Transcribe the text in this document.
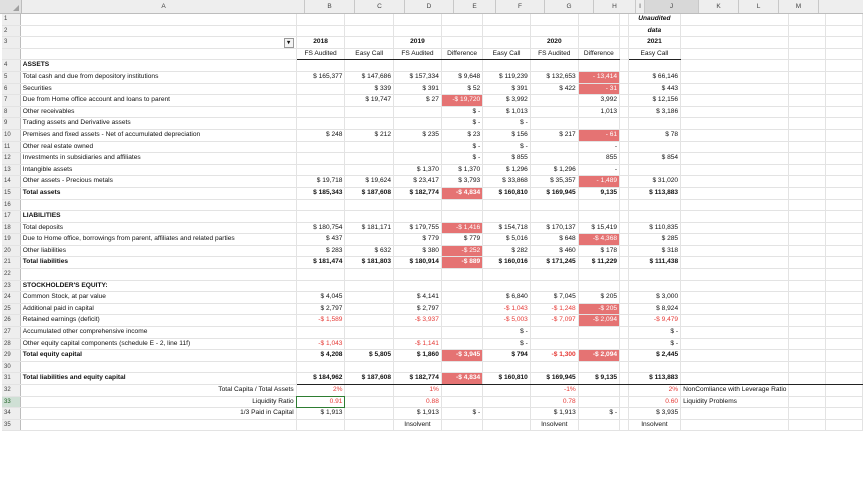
A	B	C	D	E	F	G	H	I	J	K	L	M
1										Unaudited			
2										data			
3	▾	2018		2019			2020			2021			
		FS Audited	Easy Call	FS Audited	Difference	Easy Call	FS Audited	Difference		Easy Call			
4	ASSETS												
5	Total cash and due from depository institutions	$ 165,377	$ 147,686	$ 157,334	$ 9,648	$ 119,239	$ 132,653	- 13,414		$ 66,146			
6	Securities		$ 339	$ 391	$ 52	$ 391	$ 422	- 31		$ 443			
7	Due from Home office account and loans to parent		$ 19,747	$ 27	-$ 19,720	$ 3,992		3,992		$ 12,156			
8	Other receivables				$ -	$ 1,013		1,013		$ 3,186			
9	Trading assets and Derivative assets				$ -	$ -							
10	Premises and fixed assets - Net of accumulated depreciation	$ 248	$ 212	$ 235	$ 23	$ 156	$ 217	- 61		$ 78			
11	Other real estate owned				$ -	$ -		-					
12	Investments in subsidiaries and affiliates				$ -	$ 855		855		$ 854			
13	Intangible assets			$ 1,370	$ 1,370	$ 1,296	$ 1,296	-					
14	Other assets - Precious metals	$ 19,718	$ 19,624	$ 23,417	$ 3,793	$ 33,868	$ 35,357	- 1,489		$ 31,020			
15	Total assets	$ 185,343	$ 187,608	$ 182,774	-$ 4,834	$ 160,810	$ 169,945	9,135		$ 113,883			
16													
17	LIABILITIES												
18	Total deposits	$ 180,754	$ 181,171	$ 179,755	-$ 1,416	$ 154,718	$ 170,137	$ 15,419		$ 110,835			
19	Due to Home office, borrowings from parent, affiliates and related parties	$ 437		$ 779	$ 779	$ 5,016	$ 648	-$ 4,368		$ 285			
20	Other liabilities	$ 283	$ 632	$ 380	-$ 252	$ 282	$ 460	$ 178		$ 318			
21	Total liabilities	$ 181,474	$ 181,803	$ 180,914	-$ 889	$ 160,016	$ 171,245	$ 11,229		$ 111,438			
22													
23	STOCKHOLDER'S EQUITY:												
24	Common Stock, at par value	$ 4,045		$ 4,141		$ 6,840	$ 7,045	$ 205		$ 3,000			
25	Additional paid in capital	$ 2,797		$ 2,797		-$ 1,043	-$ 1,248	-$ 205		$ 8,924			
26	Retained earnings (deficit)	-$ 1,589		-$ 3,937		-$ 5,003	-$ 7,097	-$ 2,094		-$ 9,479			
27	Accumulated other comprehensive income					$ -				$ -			
28	Other equity capital components (schedule E - 2, line 11f)	-$ 1,043		-$ 1,141		$ -				$ -			
29	Total equity capital	$ 4,208	$ 5,805	$ 1,860	-$ 3,945	$ 794	-$ 1,300	-$ 2,094		$ 2,445			
30													
31	Total liabilities and equity capital	$ 184,962	$ 187,608	$ 182,774	-$ 4,834	$ 160,810	$ 169,945	$ 9,135		$ 113,883			
32	Total Capita / Total Assets	2%		1%			-1%			2%	NonComliance with Leverage Ratio		
33	Liquidity Ratio	0.91		0.88			0.78			0.60	Liquidity Problems		
34	1/3 Paid in Capital	$ 1,913		$ 1,913	$ -		$ 1,913	$ -		$ 3,935			
35				Insolvent			Insolvent			Insolvent			
